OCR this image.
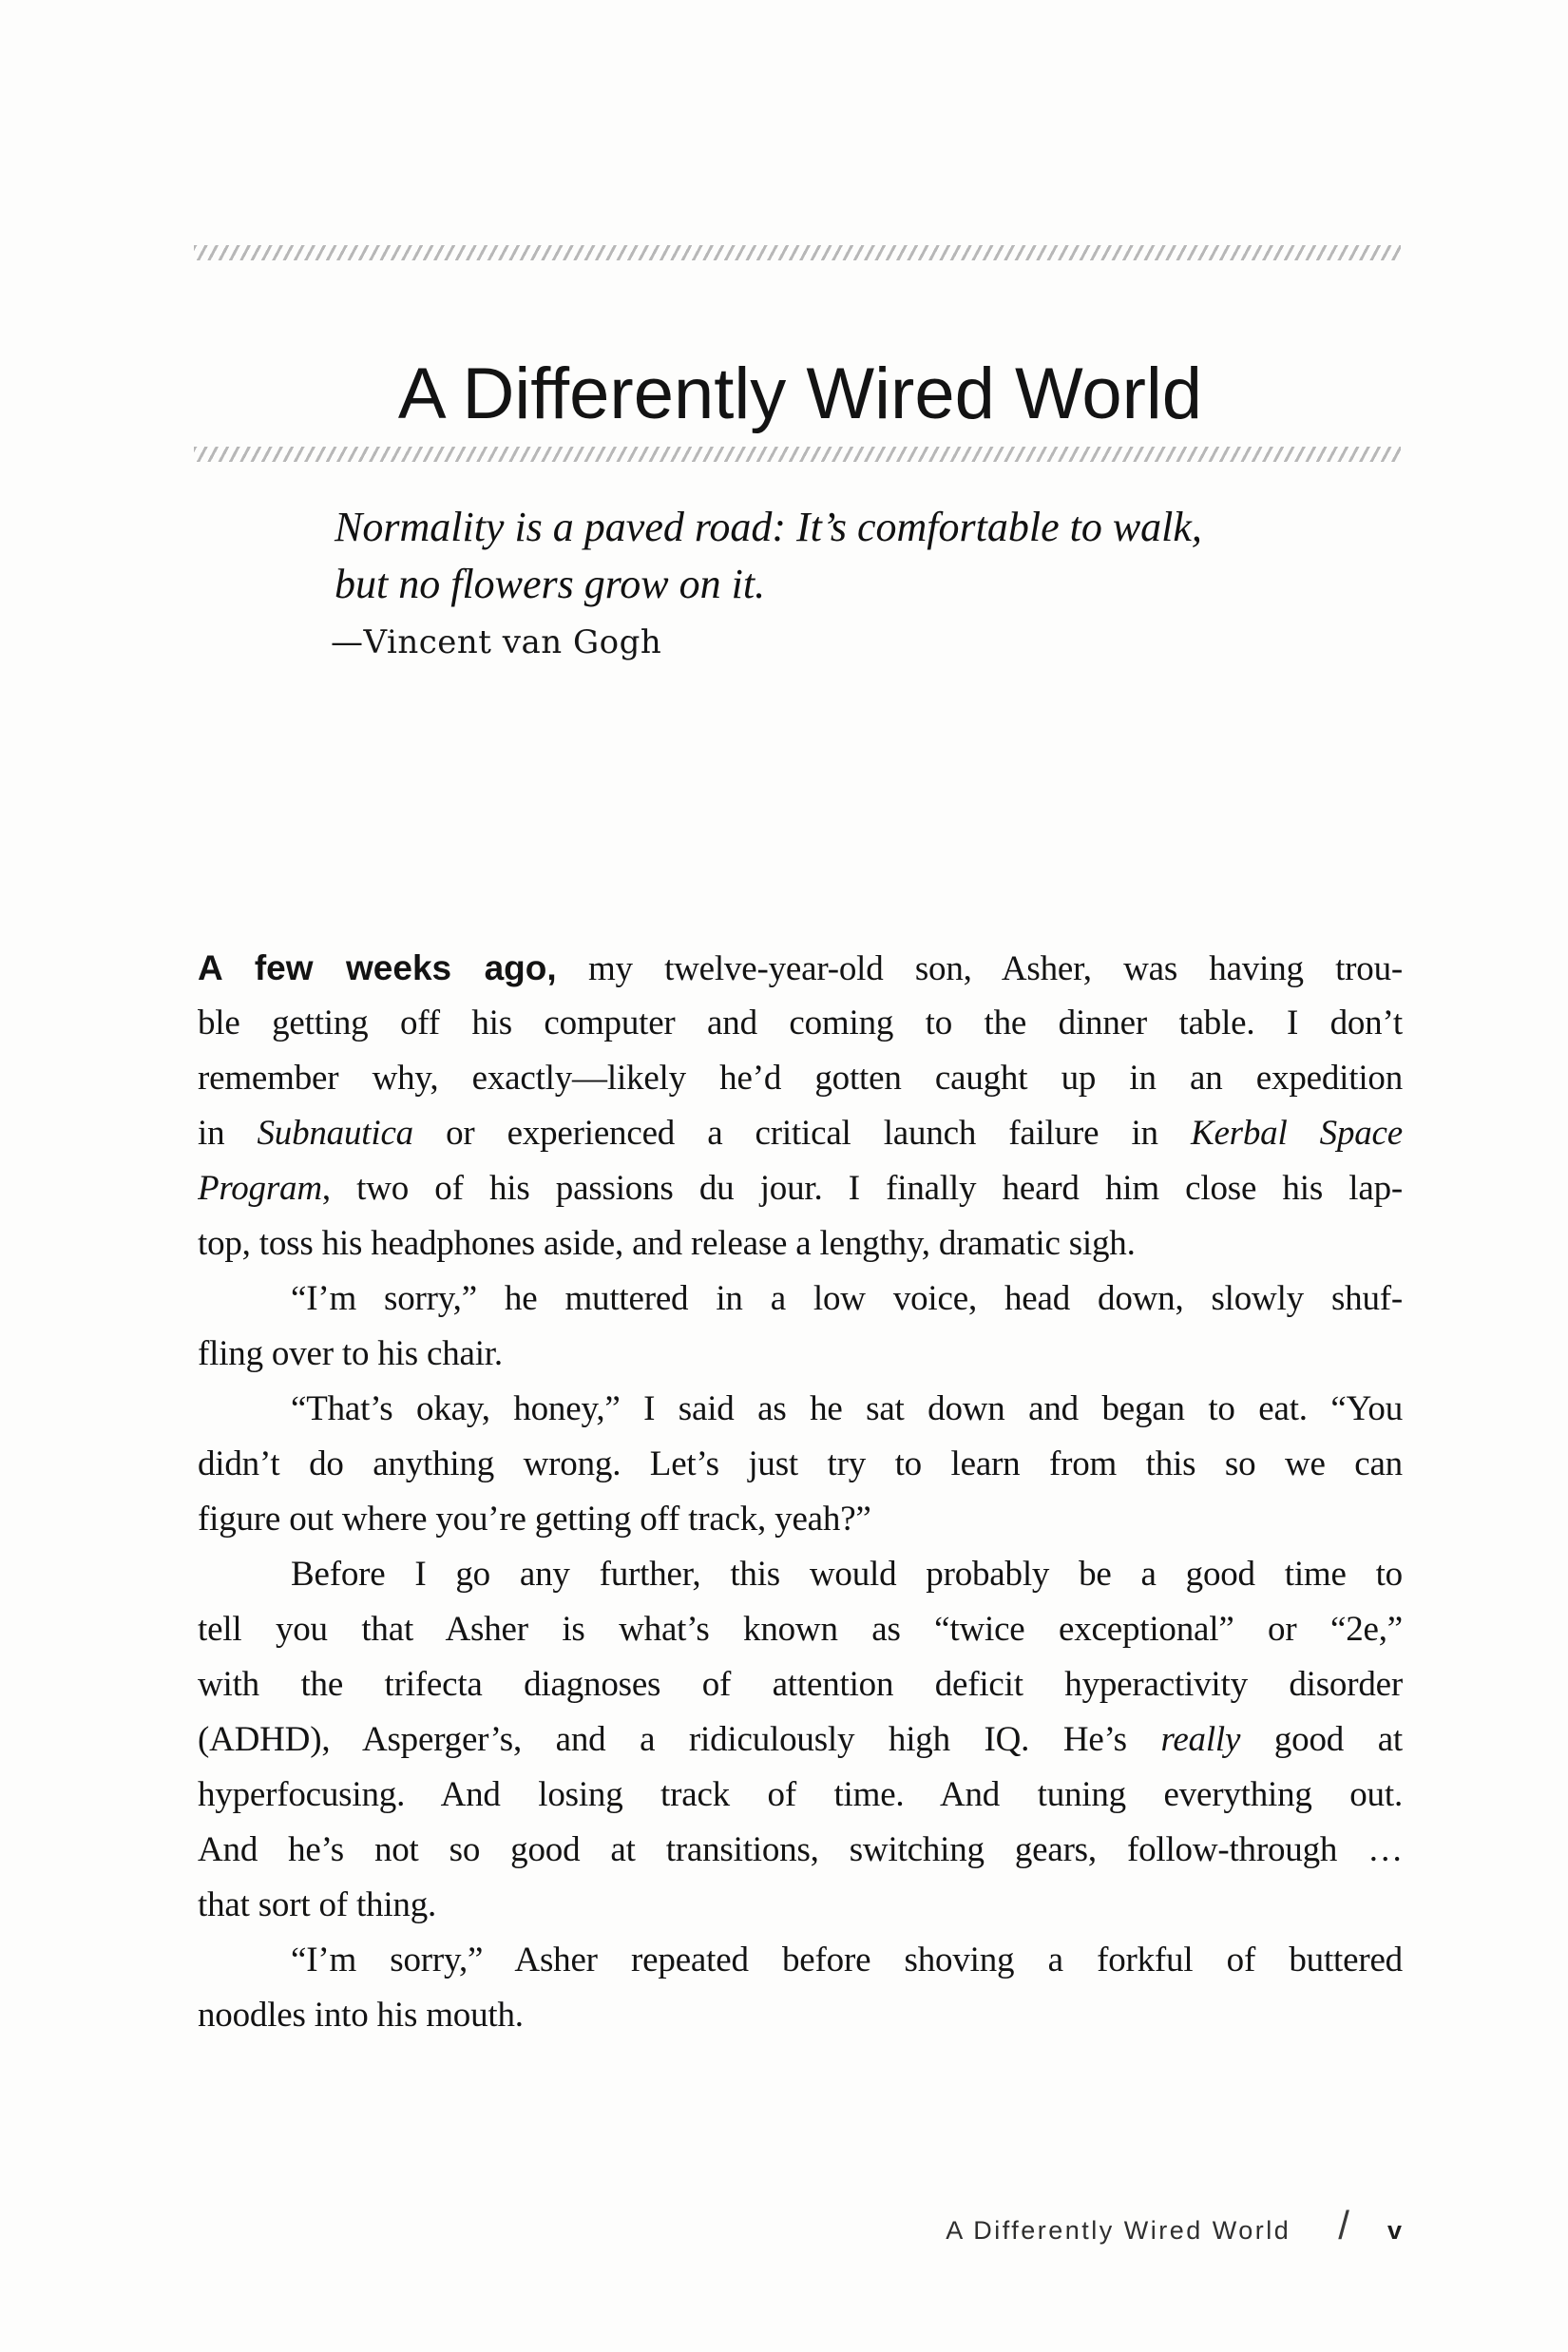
A Differently Wired World
Normality is a paved road: It’s comfortable to walk,
but no flowers grow on it.
—Vincent van Gogh
A few weeks ago, my twelve-year-old son, Asher, was having trou-
ble getting off his computer and coming to the dinner table. I don’t
remember why, exactly—likely he’d gotten caught up in an expedition
in Subnautica or experienced a critical launch failure in Kerbal Space
Program, two of his passions du jour. I finally heard him close his lap-
top, toss his headphones aside, and release a lengthy, dramatic sigh.
“I’m sorry,” he muttered in a low voice, head down, slowly shuf-
fling over to his chair.
“That’s okay, honey,” I said as he sat down and began to eat. “You
didn’t do anything wrong. Let’s just try to learn from this so we can
figure out where you’re getting off track, yeah?”
Before I go any further, this would probably be a good time to
tell you that Asher is what’s known as “twice exceptional” or “2e,”
with the trifecta diagnoses of attention deficit hyperactivity disorder
(ADHD), Asperger’s, and a ridiculously high IQ. He’s really good at
hyperfocusing. And losing track of time. And tuning everything out.
And he’s not so good at transitions, switching gears, follow-through …
that sort of thing.
“I’m sorry,” Asher repeated before shoving a forkful of buttered
noodles into his mouth.
A Differently Wired World / v
